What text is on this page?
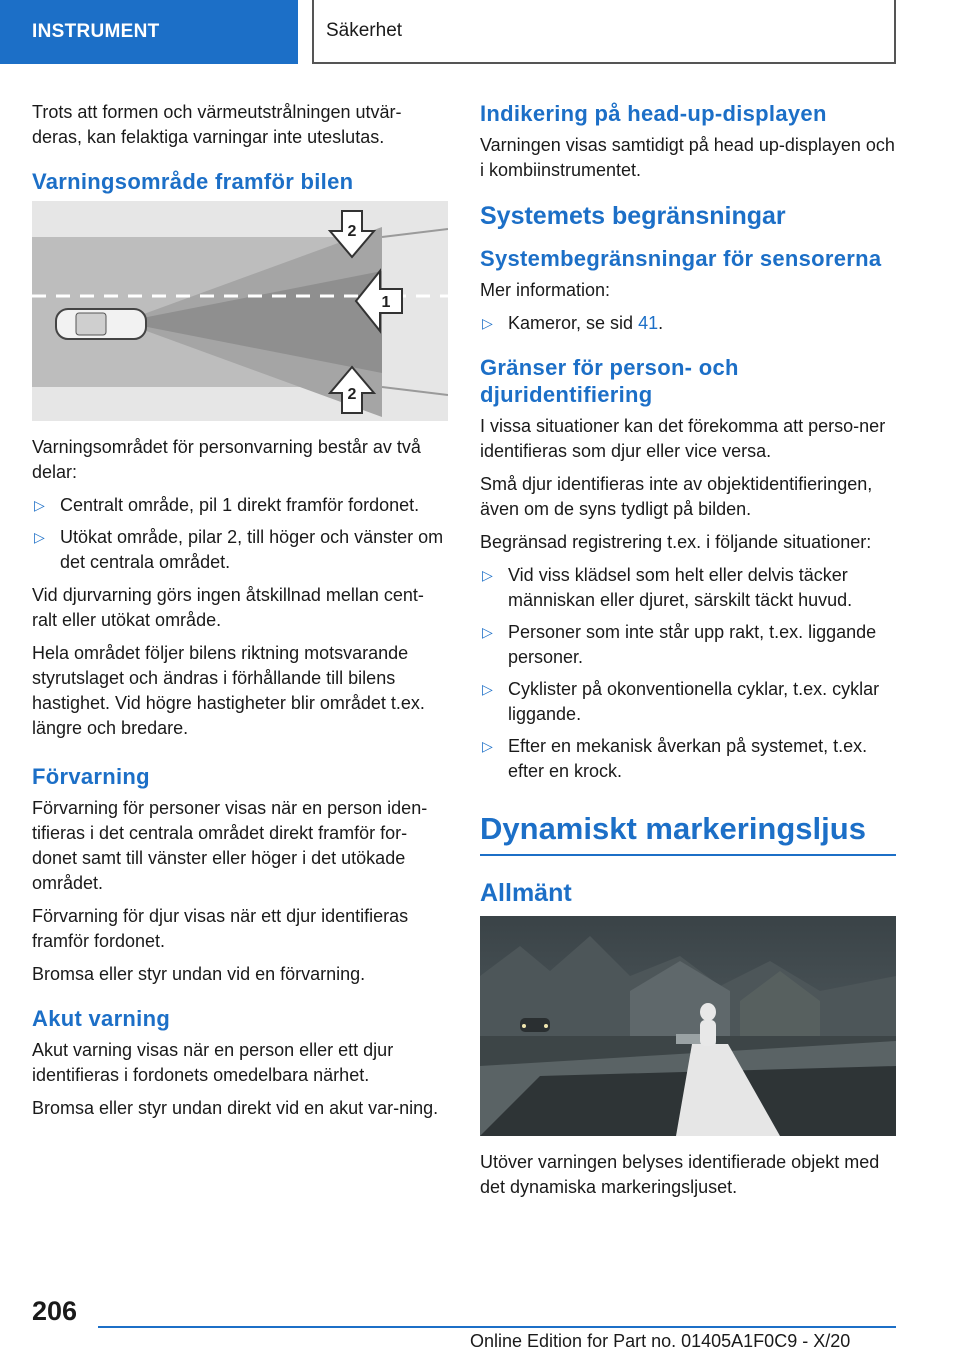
INSTRUMENT	Säkerhet

Trots att formen och värmeutstrålningen utvär-deras, kan felaktiga varningar inte uteslutas.

Varningsområde framför bilen
2
1
2

Varningsområdet för personvarning består av två delar:

▷ Centralt område, pil 1 direkt framför fordonet.
▷ Utökat område, pilar 2, till höger och vänster om det centrala området.

Vid djurvarning görs ingen åtskillnad mellan cent-ralt eller utökat område.

Hela området följer bilens riktning motsvarande styrutslaget och ändras i förhållande till bilens hastighet. Vid högre hastigheter blir området t.ex. längre och bredare.

Förvarning

Förvarning för personer visas när en person iden-tifieras i det centrala området direkt framför for-donet samt till vänster eller höger i det utökade området.

Förvarning för djur visas när ett djur identifieras framför fordonet.

Bromsa eller styr undan vid en förvarning.

Akut varning

Akut varning visas när en person eller ett djur identifieras i fordonets omedelbara närhet.

Bromsa eller styr undan direkt vid en akut var-ning.

Indikering på head-up-displayen

Varningen visas samtidigt på head up-displayen och i kombiinstrumentet.

Systemets begränsningar
Systembegränsningar för sensorerna

Mer information:

▷ Kameror, se sid 41.
Gränser för person- och djuridentifiering

I vissa situationer kan det förekomma att perso-ner identifieras som djur eller vice versa.

Små djur identifieras inte av objektidentifieringen, även om de syns tydligt på bilden.

Begränsad registrering t.ex. i följande situationer:

▷ Vid viss klädsel som helt eller delvis täcker människan eller djuret, särskilt täckt huvud.
▷ Personer som inte står upp rakt, t.ex. liggande personer.
▷ Cyklister på okonventionella cyklar, t.ex. cyklar liggande.
▷ Efter en mekanisk åverkan på systemet, t.ex. efter en krock.
Dynamiskt markeringsljus
Allmänt

Utöver varningen belyses identifierade objekt med det dynamiska markeringsljuset.

206
Online Edition for Part no. 01405A1F0C9 - X/20
